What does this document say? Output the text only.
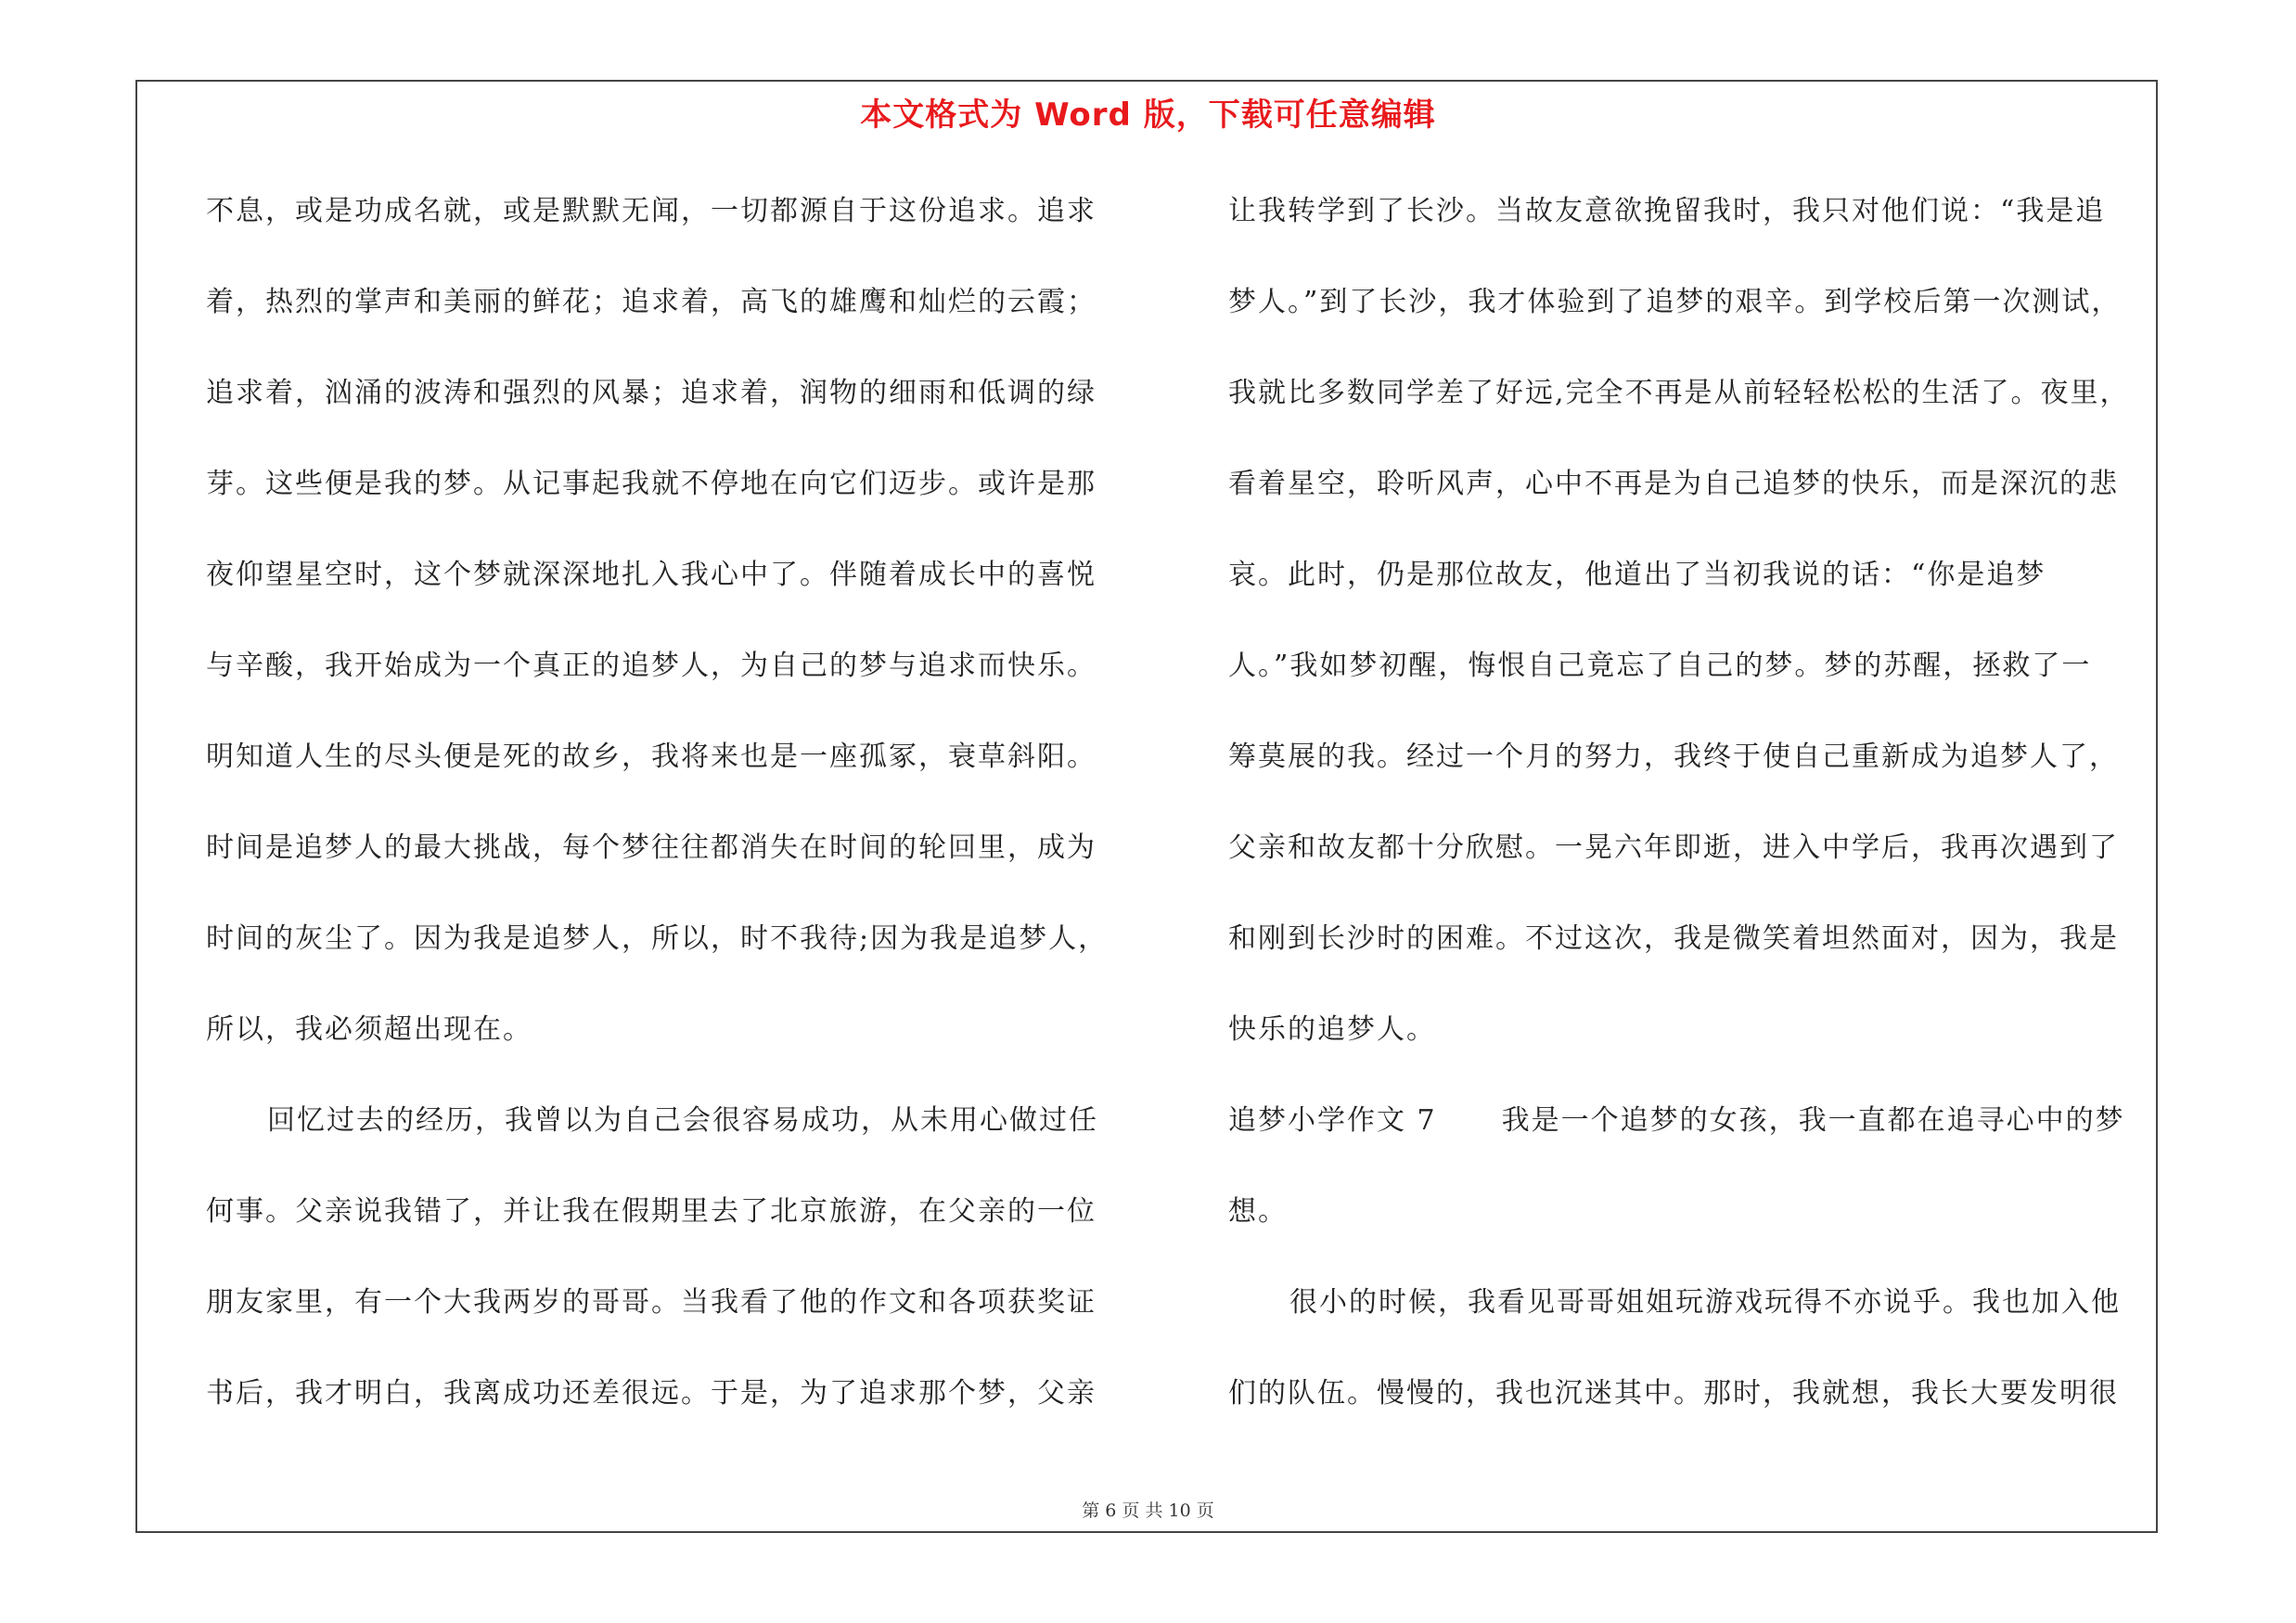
本文格式为 Word 版，下载可任意编辑
不息，或是功成名就，或是默默无闻，一切都源自于这份追求。追求
着，热烈的掌声和美丽的鲜花；追求着，高飞的雄鹰和灿烂的云霞；
追求着，汹涌的波涛和强烈的风暴；追求着，润物的细雨和低调的绿
芽。这些便是我的梦。从记事起我就不停地在向它们迈步。或许是那
夜仰望星空时，这个梦就深深地扎入我心中了。伴随着成长中的喜悦
与辛酸，我开始成为一个真正的追梦人，为自己的梦与追求而快乐。
明知道人生的尽头便是死的故乡，我将来也是一座孤冢，衰草斜阳。
时间是追梦人的最大挑战，每个梦往往都消失在时间的轮回里，成为
时间的灰尘了。因为我是追梦人，所以，时不我待;因为我是追梦人，
所以，我必须超出现在。
回忆过去的经历，我曾以为自己会很容易成功，从未用心做过任
何事。父亲说我错了，并让我在假期里去了北京旅游，在父亲的一位
朋友家里，有一个大我两岁的哥哥。当我看了他的作文和各项获奖证
书后，我才明白，我离成功还差很远。于是，为了追求那个梦，父亲
让我转学到了长沙。当故友意欲挽留我时，我只对他们说：“我是追
梦人。”到了长沙，我才体验到了追梦的艰辛。到学校后第一次测试，
我就比多数同学差了好远,完全不再是从前轻轻松松的生活了。夜里，
看着星空，聆听风声，心中不再是为自己追梦的快乐，而是深沉的悲
哀。此时，仍是那位故友，他道出了当初我说的话：“你是追梦
人。”我如梦初醒，悔恨自己竟忘了自己的梦。梦的苏醒，拯救了一
筹莫展的我。经过一个月的努力，我终于使自己重新成为追梦人了，
父亲和故友都十分欣慰。一晃六年即逝，进入中学后，我再次遇到了
和刚到长沙时的困难。不过这次，我是微笑着坦然面对，因为，我是
快乐的追梦人。
追梦小学作文 7 我是一个追梦的女孩，我一直都在追寻心中的梦
想。
很小的时候，我看见哥哥姐姐玩游戏玩得不亦说乎。我也加入他
们的队伍。慢慢的，我也沉迷其中。那时，我就想，我长大要发明很
第 6 页 共 10 页
